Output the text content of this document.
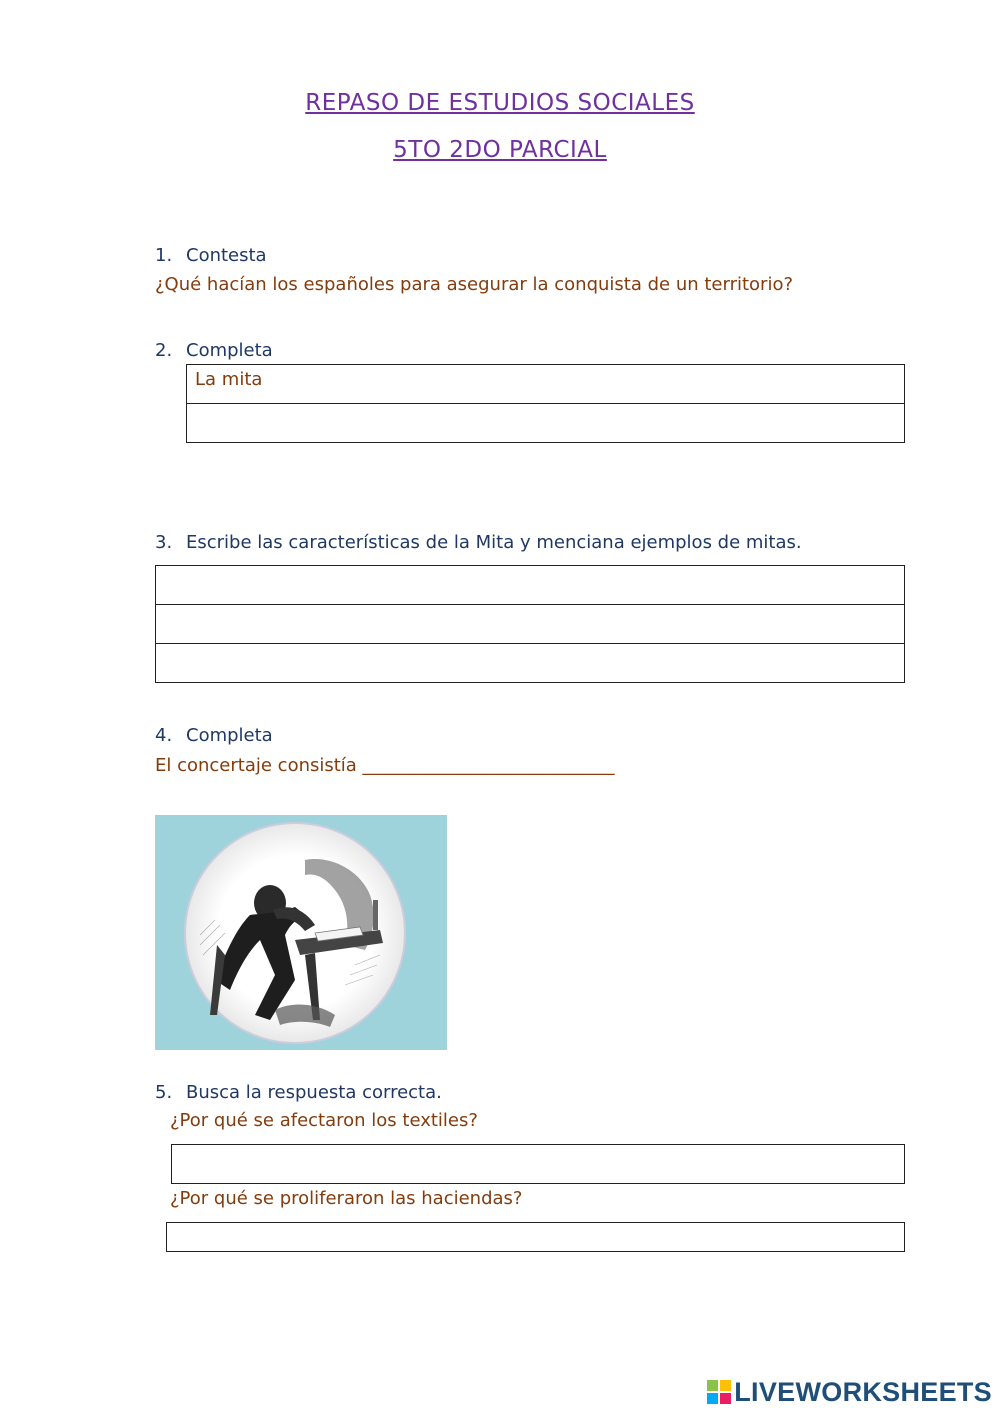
REPASO DE ESTUDIOS SOCIALES
5TO 2DO PARCIAL
1. Contesta
¿Qué hacían los españoles para asegurar la conquista de un territorio?
2. Completa
La mita
3. Escribe las características de la Mita y menciana ejemplos de mitas.
4. Completa
El concertaje consistía ____________________________
5. Busca la respuesta correcta.
¿Por qué se afectaron los textiles?
¿Por qué se proliferaron las haciendas?
LIVEWORKSHEETS
